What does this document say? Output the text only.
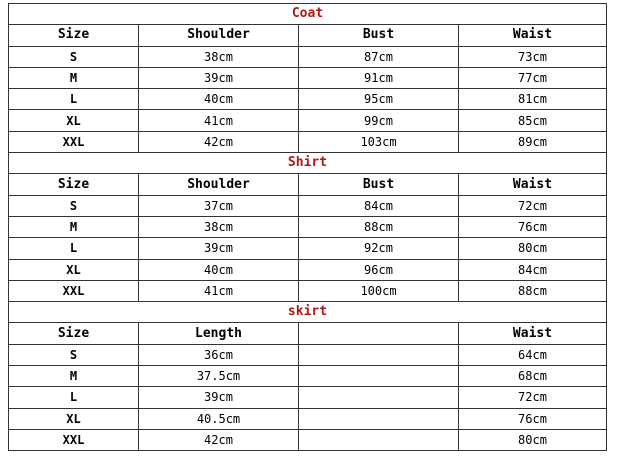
Coat			
Size	Shoulder	Bust	Waist
S	38cm	87cm	73cm
M	39cm	91cm	77cm
L	40cm	95cm	81cm
XL	41cm	99cm	85cm
XXL	42cm	103cm	89cm
Shirt			
Size	Shoulder	Bust	Waist
S	37cm	84cm	72cm
M	38cm	88cm	76cm
L	39cm	92cm	80cm
XL	40cm	96cm	84cm
XXL	41cm	100cm	88cm
skirt			
Size	Length		Waist
S	36cm		64cm
M	37.5cm		68cm
L	39cm		72cm
XL	40.5cm		76cm
XXL	42cm		80cm
